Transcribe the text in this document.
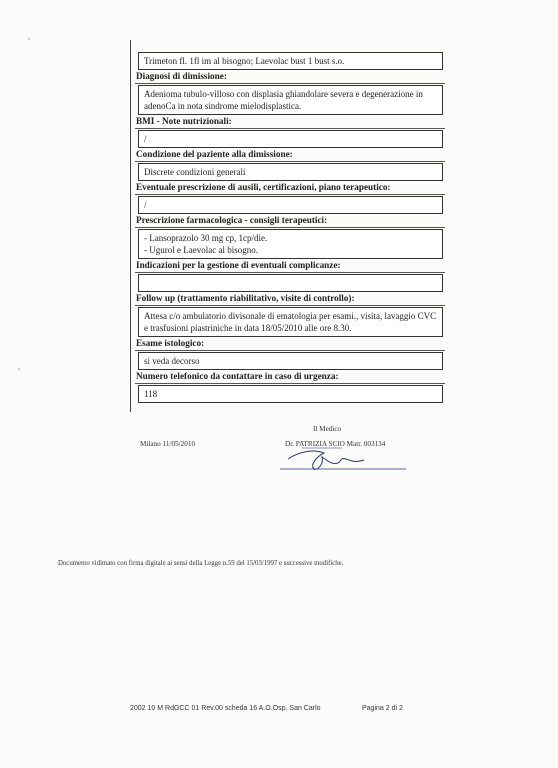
Trimeton fl. 1fl im al bisogno; Laevolac bust 1 bust s.o.
Diagnosi di dimissione:
Adenioma tubulo-villoso con displasia ghiandolare severa e degenerazione in
adenoCa in nota sindrome mielodisplastica.
BMI - Note nutrizionali:
/
Condizione del paziente alla dimissione:
Discrete condizioni generali
Eventuale prescrizione di ausili, certificazioni, piano terapeutico:
/
Prescrizione farmacologica - consigli terapeutici:
- Lansoprazolo 30 mg cp, 1cp/die.
- Ugurol e Laevolac al bisogno.
Indicazioni per la gestione di eventuali complicanze:
Follow up (trattamento riabilitativo, visite di controllo):
Attesa c/o ambulatorio divisonale di ematologia per esami., visita, lavaggio CVC
e trasfusioni piastriniche in data 18/05/2010 alle ore 8.30.
Esame istologico:
si veda decorso
Numero telefonico da contattare in caso di urgenza:
118
Il Medico
Milano 11/05/2010	Dr. PATRIZIA SCIO Matr. 003134
Documento vidimato con firma digitale ai sensi della Legge n.59 del 15/03/1997 e successive modifiche.
2002 10 M RdGCC 01 Rev.00 scheda 16 A.O.Osp. San Carlo	Pagina 2 di 2
